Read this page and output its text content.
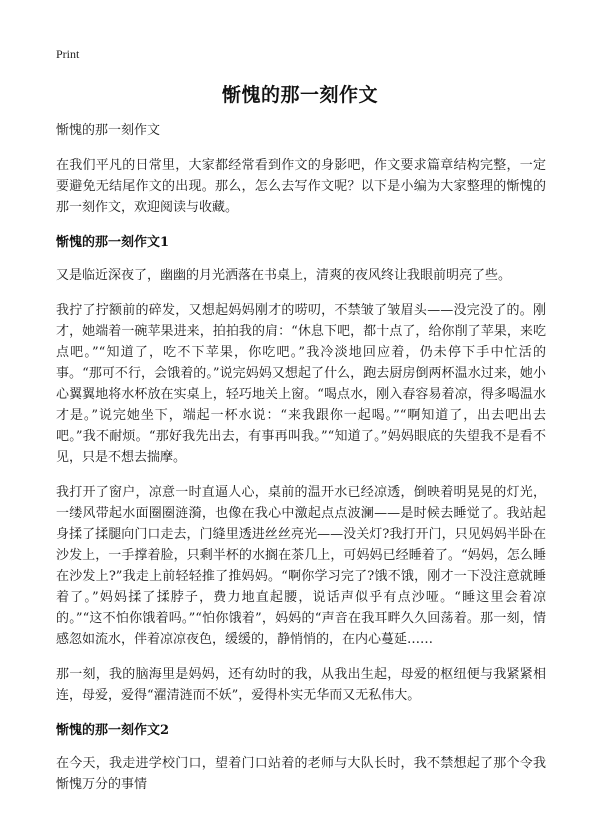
Print
惭愧的那一刻作文

惭愧的那一刻作文

在我们平凡的日常里，大家都经常看到作文的身影吧，作文要求篇章结构完整，一定要避免无结尾作文的出现。那么，怎么去写作文呢？以下是小编为大家整理的惭愧的那一刻作文，欢迎阅读与收藏。

惭愧的那一刻作文1

又是临近深夜了，幽幽的月光洒落在书桌上，清爽的夜风终让我眼前明亮了些。

我拧了拧额前的碎发，又想起妈妈刚才的唠叨，不禁皱了皱眉头——没完没了的。刚才，她端着一碗苹果进来，拍拍我的肩：“休息下吧，都十点了，给你削了苹果，来吃点吧。”“知道了，吃不下苹果，你吃吧。”我冷淡地回应着，仍未停下手中忙活的事。“那可不行，会饿着的。”说完妈妈又想起了什么，跑去厨房倒两杯温水过来，她小心翼翼地将水杯放在实桌上，轻巧地关上窗。“喝点水，刚入春容易着凉，得多喝温水才是。”说完她坐下，端起一杯水说：“来我跟你一起喝。”“啊知道了，出去吧出去吧。”我不耐烦。“那好我先出去，有事再叫我。”“知道了。”妈妈眼底的失望我不是看不见，只是不想去揣摩。

我打开了窗户，凉意一时直逼人心，桌前的温开水已经凉透，倒映着明晃晃的灯光，一缕风带起水面圈圈涟漪，也像在我心中激起点点波澜——是时候去睡觉了。我站起身揉了揉腿向门口走去，门缝里透进丝丝亮光——没关灯?我打开门，只见妈妈半卧在沙发上，一手撑着脸，只剩半杯的水搁在茶几上，可妈妈已经睡着了。“妈妈，怎么睡在沙发上?”我走上前轻轻推了推妈妈。“啊你学习完了?饿不饿，刚才一下没注意就睡着了。”妈妈揉了揉脖子，费力地直起腰，说话声似乎有点沙哑。“睡这里会着凉的。”“这不怕你饿着吗。”“怕你饿着”，妈妈的“声音在我耳畔久久回荡着。那一刻，情感忽如流水，伴着凉凉夜色，缓缓的，静悄悄的，在内心蔓延……

那一刻，我的脑海里是妈妈，还有幼时的我，从我出生起，母爱的枢纽便与我紧紧相连，母爱，爱得“濯清涟而不妖”，爱得朴实无华而又无私伟大。

惭愧的那一刻作文2

在今天，我走进学校门口，望着门口站着的老师与大队长时，我不禁想起了那个令我惭愧万分的事情
